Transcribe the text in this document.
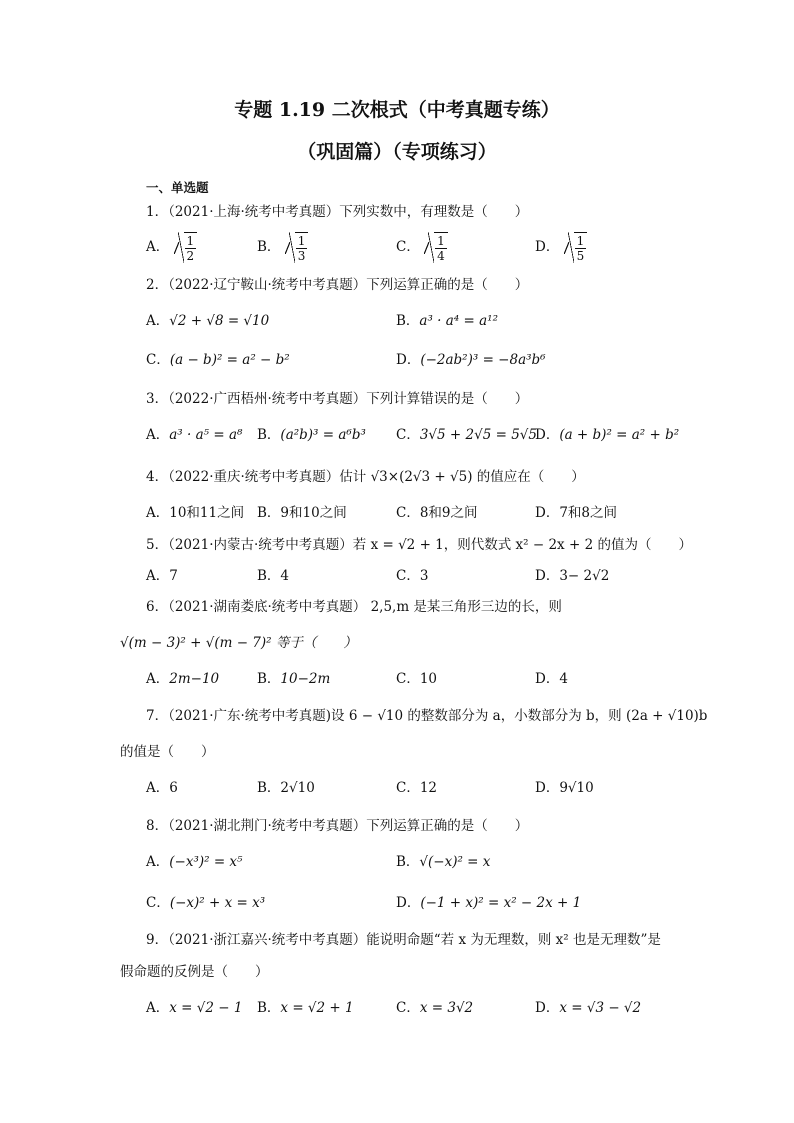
专题 1.19 二次根式（中考真题专练）
（巩固篇）（专项练习）
一、单选题
1．（2021·上海·统考中考真题）下列实数中，有理数是（　　）
A． $\frac{1}{2}$	B． $\frac{1}{3}$	C． $\frac{1}{4}$	D． $\frac{1}{5}$
2．（2022·辽宁鞍山·统考中考真题）下列运算正确的是（　　）
A．√2 + √8 = √10	B．a³ · a⁴ = a¹²
C．(a − b)² = a² − b²	D．(−2ab²)³ = −8a³b⁶
3．（2022·广西梧州·统考中考真题）下列计算错误的是（　　）
A．a³ · a⁵ = a⁸ B．(a²b)³ = a⁶b³ C．3√5 + 2√5 = 5√5
D．(a + b)² = a² + b²
4．（2022·重庆·统考中考真题）估计 √3×(2√3 + √5) 的值应在（　　）
A．10和11之间 B．9和10之间	C．8和9之间	D．7和8之间
5．（2021·内蒙古·统考中考真题）若 x = √2 + 1，则代数式 x² − 2x + 2 的值为（　　）
A．7	B．4	C．3	D．3− 2√2
6．（2021·湖南娄底·统考中考真题） 2,5,m 是某三角形三边的长，则
√(m − 3)² + √(m − 7)² 等于（　　）
A．2m−10	B．10−2m	C．10	D．4
7．（2021·广东·统考中考真题)设 6 − √10 的整数部分为 a，小数部分为 b，则 (2a + √10)b
的值是（　　）
A．6	B．2√10	C．12	D．9√10
8．（2021·湖北荆门·统考中考真题）下列运算正确的是（　　）
A．(−x³)² = x⁵	B．√(−x)² = x
C．(−x)² + x = x³	D．(−1 + x)² = x² − 2x + 1
9．（2021·浙江嘉兴·统考中考真题）能说明命题“若 x 为无理数，则 x² 也是无理数”是
假命题的反例是（　　）
A．x = √2 − 1 B．x = √2 + 1	C．x = 3√2	D．x = √3 − √2
